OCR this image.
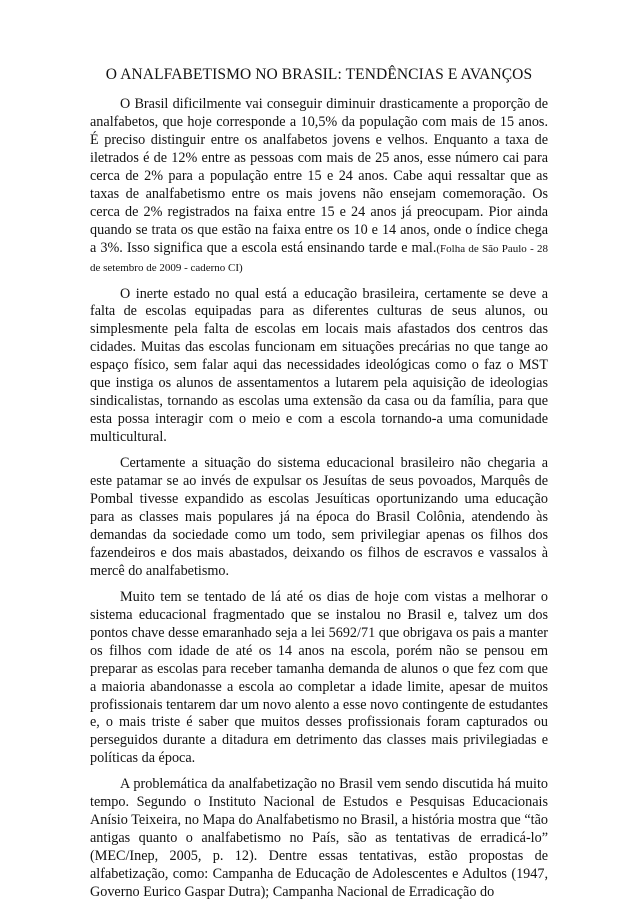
O ANALFABETISMO NO BRASIL: TENDÊNCIAS E AVANÇOS

O Brasil dificilmente vai conseguir diminuir drasticamente a proporção de analfabetos, que hoje corresponde a 10,5% da população com mais de 15 anos. É preciso distinguir entre os analfabetos jovens e velhos. Enquanto a taxa de iletrados é de 12% entre as pessoas com mais de 25 anos, esse número cai para cerca de 2% para a população entre 15 e 24 anos. Cabe aqui ressaltar que as taxas de analfabetismo entre os mais jovens não ensejam comemoração. Os cerca de 2% registrados na faixa entre 15 e 24 anos já preocupam. Pior ainda quando se trata os que estão na faixa entre os 10 e 14 anos, onde o índice chega a 3%. Isso significa que a escola está ensinando tarde e mal.(Folha de São Paulo - 28 de setembro de 2009 - caderno CI)

O inerte estado no qual está a educação brasileira, certamente se deve a falta de escolas equipadas para as diferentes culturas de seus alunos, ou simplesmente pela falta de escolas em locais mais afastados dos centros das cidades. Muitas das escolas funcionam em situações precárias no que tange ao espaço físico, sem falar aqui das necessidades ideológicas como o faz o MST que instiga os alunos de assentamentos a lutarem pela aquisição de ideologias sindicalistas, tornando as escolas uma extensão da casa ou da família, para que esta possa interagir com o meio e com a escola tornando-a uma comunidade multicultural.

Certamente a situação do sistema educacional brasileiro não chegaria a este patamar se ao invés de expulsar os Jesuítas de seus povoados, Marquês de Pombal tivesse expandido as escolas Jesuíticas oportunizando uma educação para as classes mais populares já na época do Brasil Colônia, atendendo às demandas da sociedade como um todo, sem privilegiar apenas os filhos dos fazendeiros e dos mais abastados, deixando os filhos de escravos e vassalos à mercê do analfabetismo.

Muito tem se tentado de lá até os dias de hoje com vistas a melhorar o sistema educacional fragmentado que se instalou no Brasil e, talvez um dos pontos chave desse emaranhado seja a lei 5692/71 que obrigava os pais a manter os filhos com idade de até os 14 anos na escola, porém não se pensou em preparar as escolas para receber tamanha demanda de alunos o que fez com que a maioria abandonasse a escola ao completar a idade limite, apesar de muitos profissionais tentarem dar um novo alento a esse novo contingente de estudantes e, o mais triste é saber que muitos desses profissionais foram capturados ou perseguidos durante a ditadura em detrimento das classes mais privilegiadas e políticas da época.

A problemática da analfabetização no Brasil vem sendo discutida há muito tempo. Segundo o Instituto Nacional de Estudos e Pesquisas Educacionais Anísio Teixeira, no Mapa do Analfabetismo no Brasil, a história mostra que “tão antigas quanto o analfabetismo no País, são as tentativas de erradicá-lo” (MEC/Inep, 2005, p. 12). Dentre essas tentativas, estão propostas de alfabetização, como: Campanha de Educação de Adolescentes e Adultos (1947, Governo Eurico Gaspar Dutra); Campanha Nacional de Erradicação do
